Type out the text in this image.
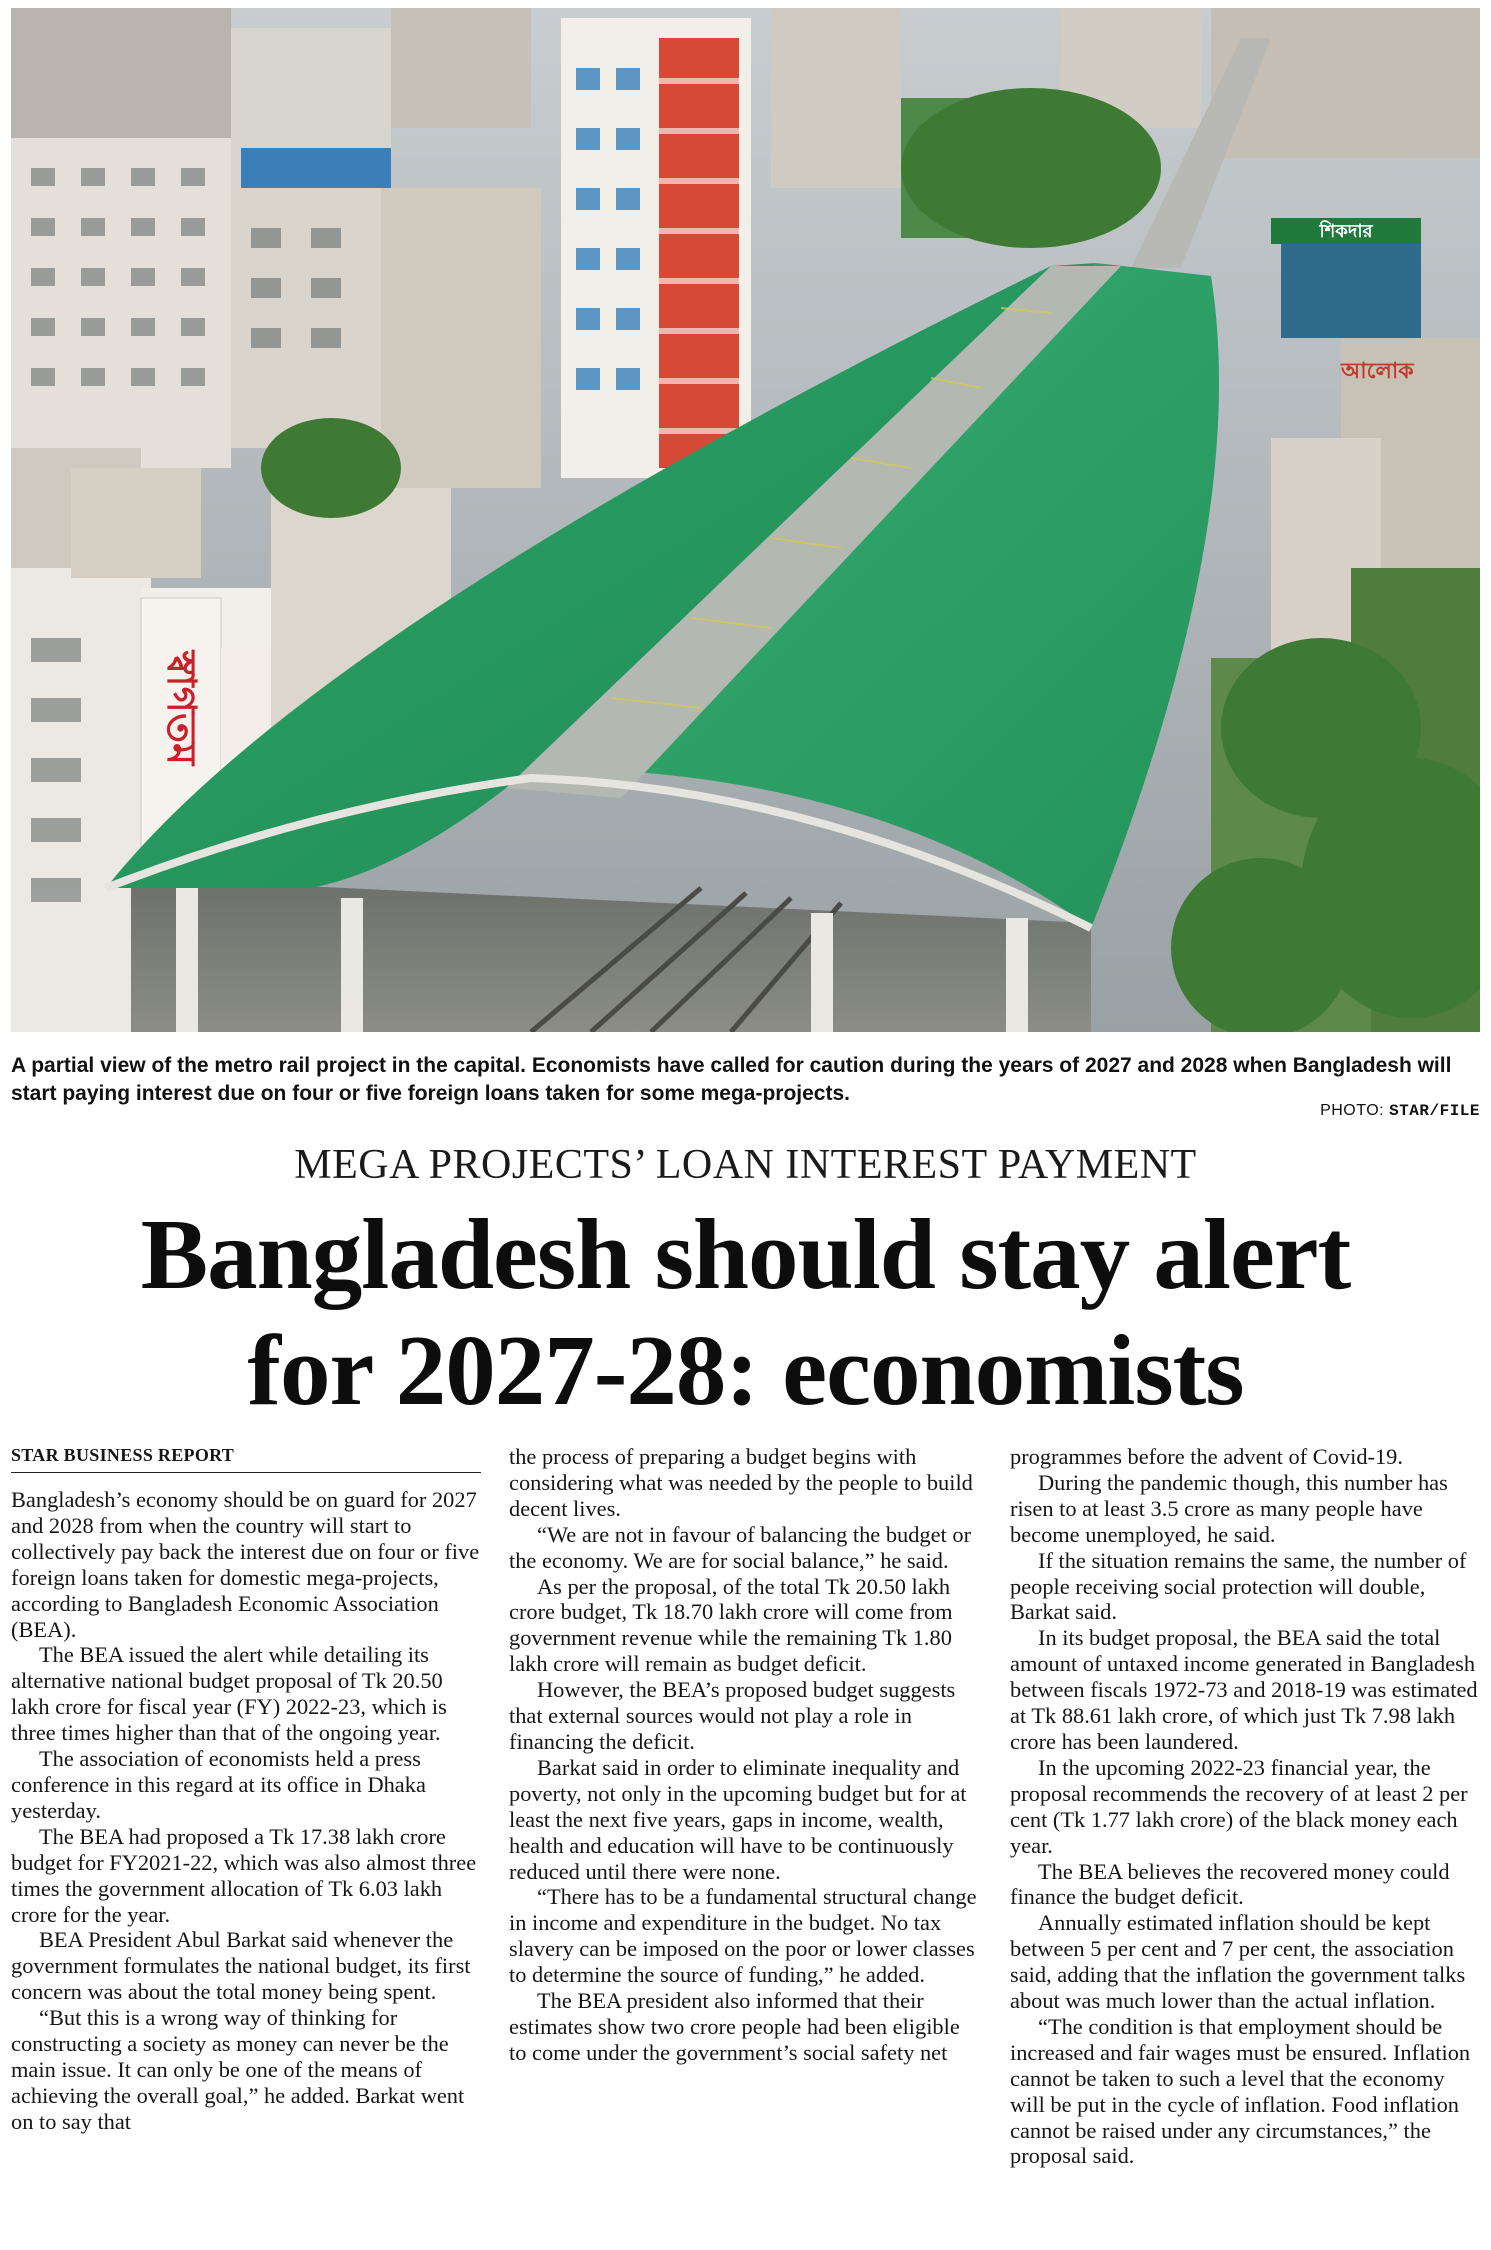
স্বাগতম
আলোক
শিকদার
A partial view of the metro rail project in the capital. Economists have called for caution during the years of 2027 and 2028 when Bangladesh will start paying interest due on four or five foreign loans taken for some mega-projects.
PHOTO: STAR/FILE
MEGA PROJECTS’ LOAN INTEREST PAYMENT
Bangladesh should stay alert
for 2027-28: economists
STAR BUSINESS REPORT

Bangladesh’s economy should be on guard for 2027 and 2028 from when the country will start to collectively pay back the interest due on four or five foreign loans taken for domestic mega-projects, according to Bangladesh Economic Association (BEA).

The BEA issued the alert while detailing its alternative national budget proposal of Tk 20.50 lakh crore for fiscal year (FY) 2022-23, which is three times higher than that of the ongoing year.

The association of economists held a press conference in this regard at its office in Dhaka yesterday.

The BEA had proposed a Tk 17.38 lakh crore budget for FY2021-22, which was also almost three times the government allocation of Tk 6.03 lakh crore for the year.

BEA President Abul Barkat said whenever the government formulates the national budget, its first concern was about the total money being spent.

“But this is a wrong way of thinking for constructing a society as money can never be the main issue. It can only be one of the means of achieving the overall goal,” he added. Barkat went on to say that

the process of preparing a budget begins with considering what was needed by the people to build decent lives.

“We are not in favour of balancing the budget or the economy. We are for social balance,” he said.

As per the proposal, of the total Tk 20.50 lakh crore budget, Tk 18.70 lakh crore will come from government revenue while the remaining Tk 1.80 lakh crore will remain as budget deficit.

However, the BEA’s proposed budget suggests that external sources would not play a role in financing the deficit.

Barkat said in order to eliminate inequality and poverty, not only in the upcoming budget but for at least the next five years, gaps in income, wealth, health and education will have to be continuously reduced until there were none.

“There has to be a fundamental structural change in income and expenditure in the budget. No tax slavery can be imposed on the poor or lower classes to determine the source of funding,” he added.

The BEA president also informed that their estimates show two crore people had been eligible to come under the government’s social safety net

programmes before the advent of Covid-19.

During the pandemic though, this number has risen to at least 3.5 crore as many people have become unemployed, he said.

If the situation remains the same, the number of people receiving social protection will double, Barkat said.

In its budget proposal, the BEA said the total amount of untaxed income generated in Bangladesh between fiscals 1972-73 and 2018-19 was estimated at Tk 88.61 lakh crore, of which just Tk 7.98 lakh crore has been laundered.

In the upcoming 2022-23 financial year, the proposal recommends the recovery of at least 2 per cent (Tk 1.77 lakh crore) of the black money each year.

The BEA believes the recovered money could finance the budget deficit.

Annually estimated inflation should be kept between 5 per cent and 7 per cent, the association said, adding that the inflation the government talks about was much lower than the actual inflation.

“The condition is that employment should be increased and fair wages must be ensured. Inflation cannot be taken to such a level that the economy will be put in the cycle of inflation. Food inflation cannot be raised under any circumstances,” the proposal said.
